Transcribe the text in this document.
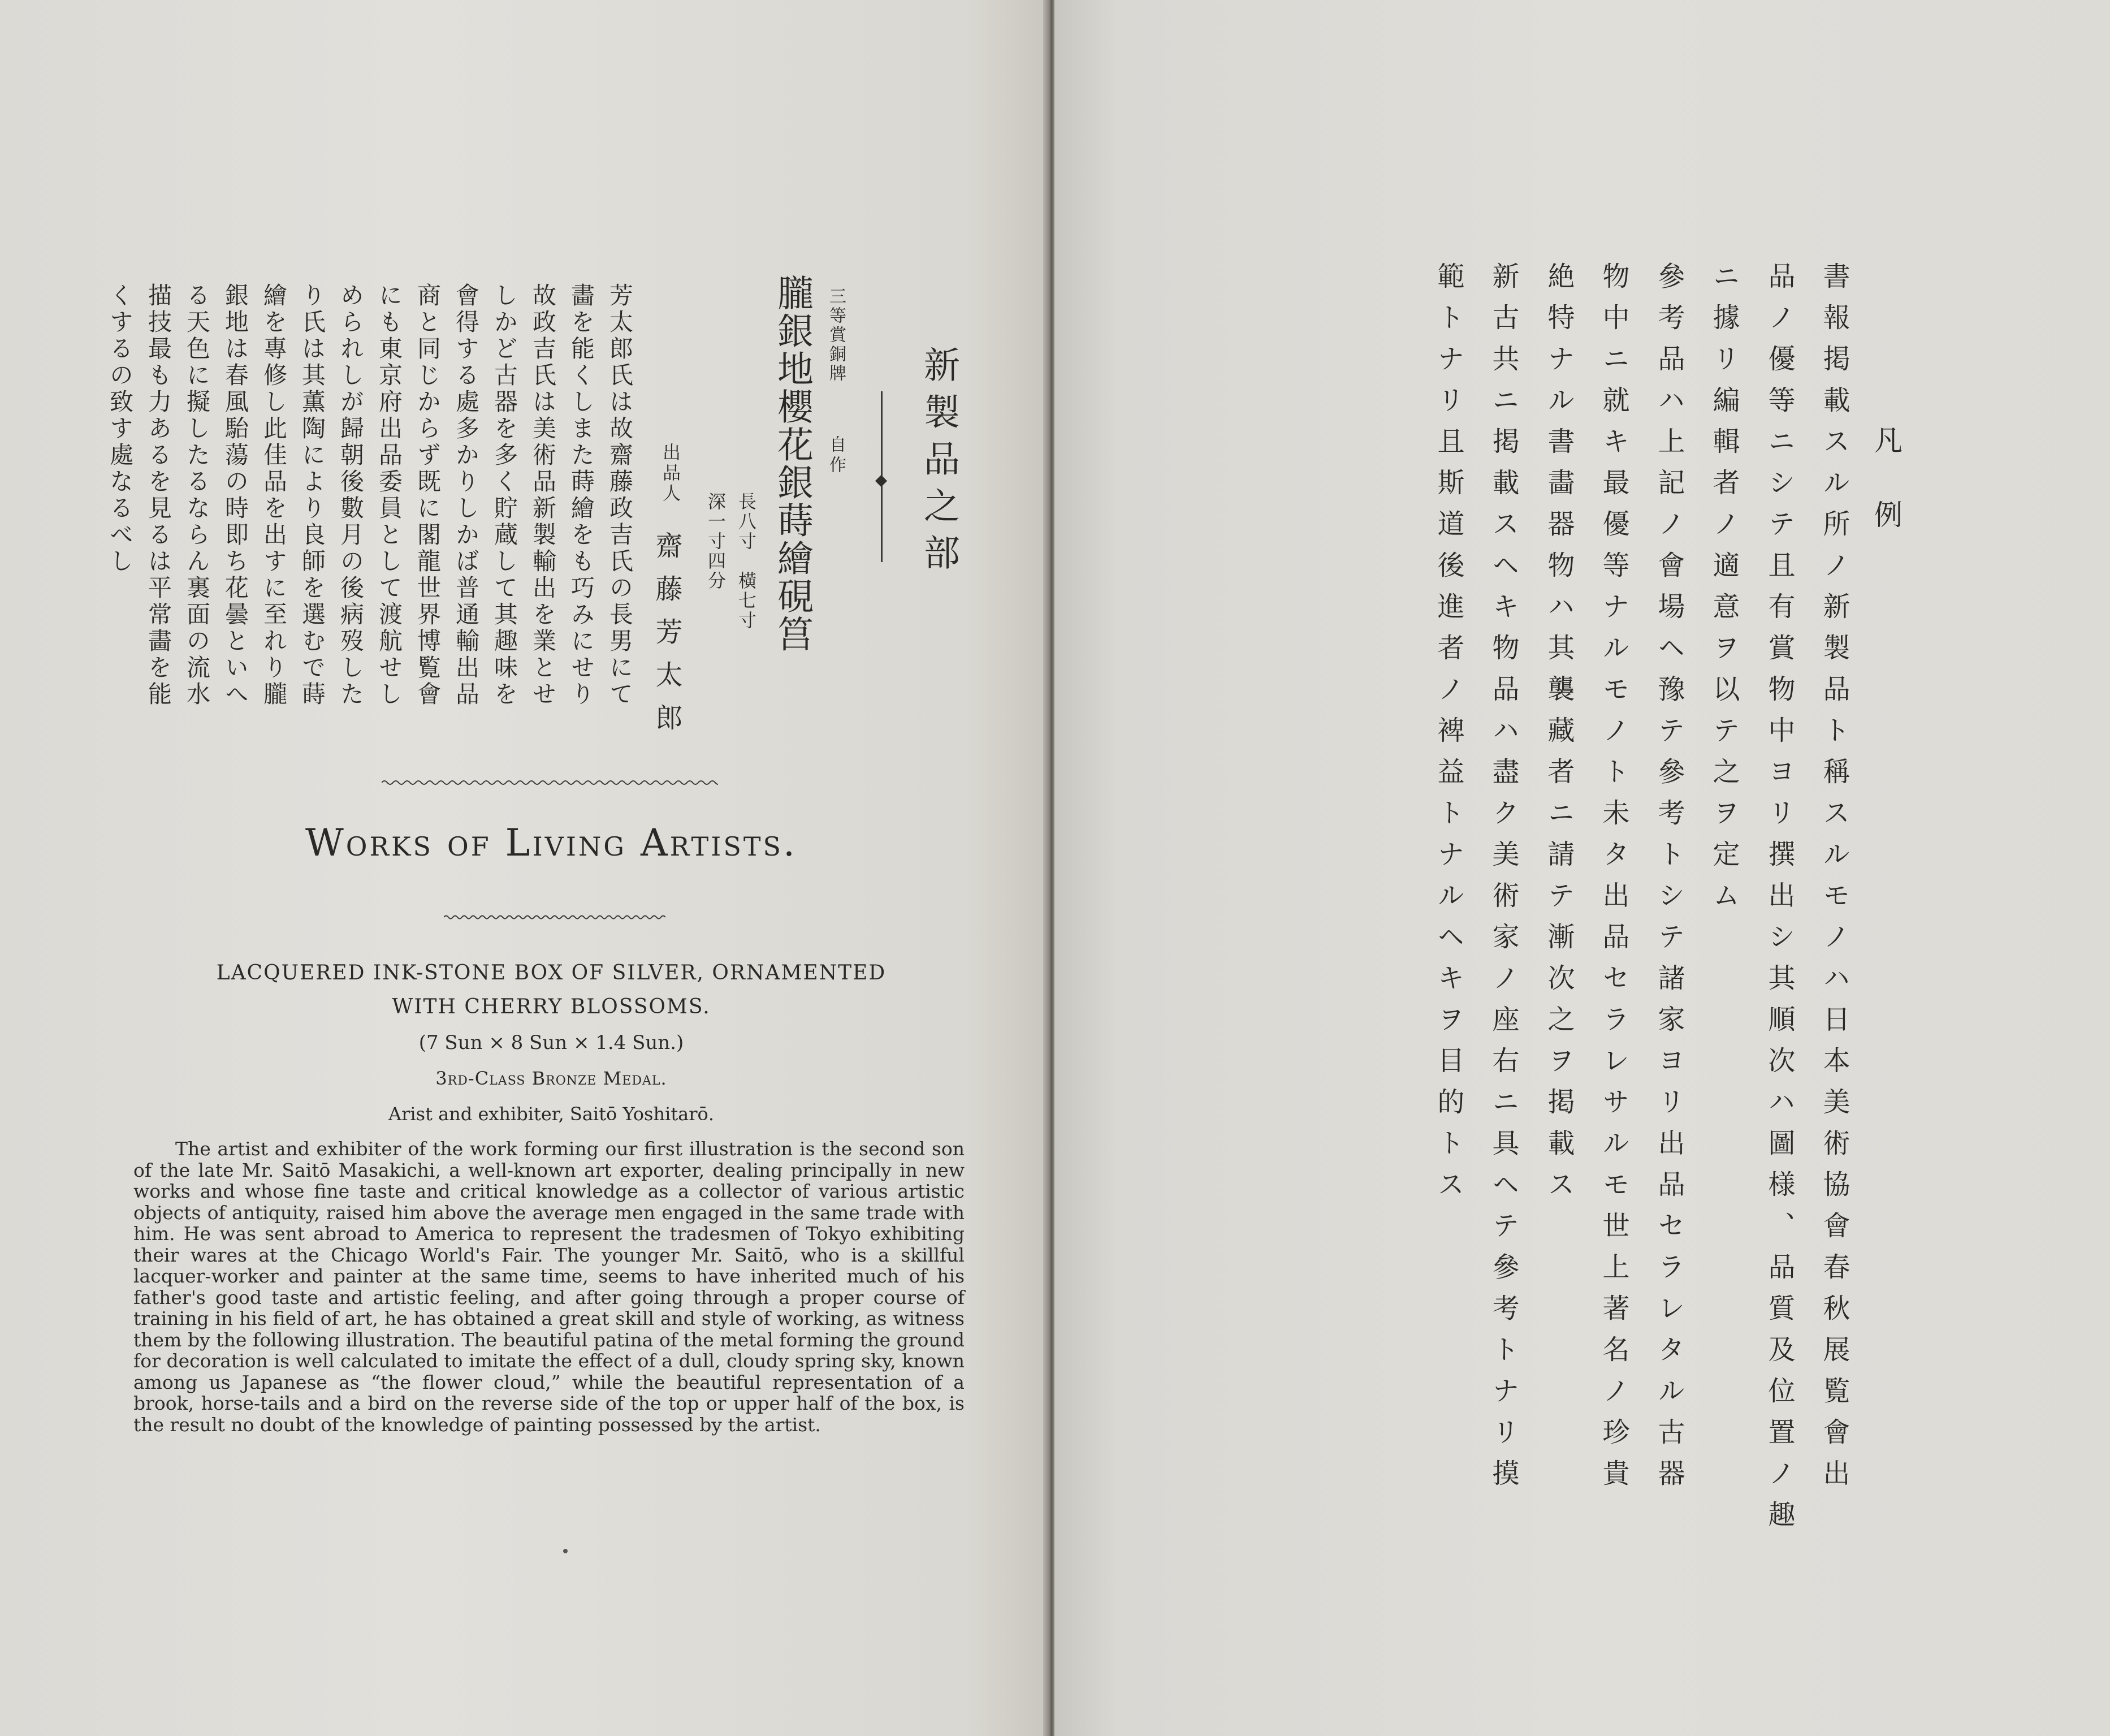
新製品之部
三等賞銅牌
自作
朧銀地櫻花銀蒔繪硯筥
長八寸　橫七寸
深一寸四分
出品人
齋藤芳太郎
芳太郎氏は故齋藤政吉氏の長男にて
畵を能くしまた蒔繪をも巧みにせり
故政吉氏は美術品新製輸出を業とせ
しかど古器を多く貯蔵して其趣味を
會得する處多かりしかば普通輸出品
商と同じからず既に閣龍世界博覧會
にも東京府出品委員として渡航せし
められしが歸朝後數月の後病歿した
り氏は其薫陶により良師を選むで蒔
繪を專修し此佳品を出すに至れり朧
銀地は春風駘蕩の時即ち花曇といへ
る天色に擬したるならん裏面の流水
描技最も力あるを見るは平常畵を能
くするの致す處なるべし
Works of Living Artists.
LACQUERED INK-STONE BOX OF SILVER, ORNAMENTED
WITH CHERRY BLOSSOMS.
(7 Sun × 8 Sun × 1.4 Sun.)
3rd-Class Bronze Medal.
Arist and exhibiter, Saitō Yoshitarō.
The artist and exhibiter of the work forming our first illustration is the second son of the late Mr. Saitō Masakichi, a well-known art exporter, dealing principally in new works and whose fine taste and critical knowledge as a collector of various artistic objects of antiquity, raised him above the average men engaged in the same trade with him. He was sent abroad to America to represent the tradesmen of Tokyo exhibiting their wares at the Chicago World's Fair. The younger Mr. Saitō, who is a skillful lacquer-worker and painter at the same time, seems to have inherited much of his father's good taste and artistic feeling, and after going through a proper course of training in his field of art, he has obtained a great skill and style of working, as witness them by the following illustration. The beautiful patina of the metal forming the ground for decoration is well calculated to imitate the effect of a dull, cloudy spring sky, known among us Japanese as “the flower cloud,” while the beautiful representation of a brook, horse-tails and a bird on the reverse side of the top or upper half of the box, is the result no doubt of the knowledge of painting possessed by the artist.
凡例
書報掲載スル所ノ新製品ト稱スルモノハ日本美術協會春秋展覧會出
品ノ優等ニシテ且有賞物中ヨリ撰出シ其順次ハ圖様、品質及位置ノ趣
ニ據リ編輯者ノ適意ヲ以テ之ヲ定ム
參考品ハ上記ノ會場ヘ豫テ參考トシテ諸家ヨリ出品セラレタル古器
物中ニ就キ最優等ナルモノト未タ出品セラレサルモ世上著名ノ珍貴
絶特ナル書畵器物ハ其襲藏者ニ請テ漸次之ヲ掲載ス
新古共ニ掲載スヘキ物品ハ盡ク美術家ノ座右ニ具ヘテ參考トナリ摸
範トナリ且斯道後進者ノ裨益トナルヘキヲ目的トス
